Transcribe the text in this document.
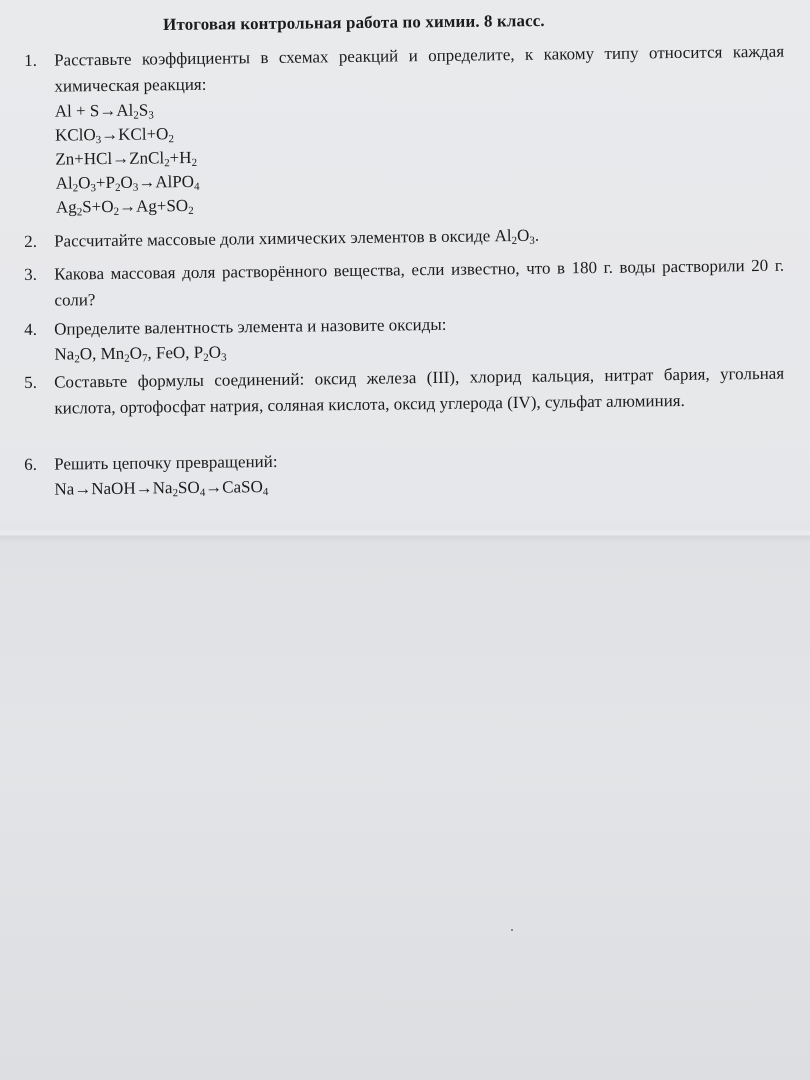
Итоговая контрольная работа по химии. 8 класс.
1.	Расставьте коэффициенты в схемах реакций и определите, к какому типу относится каждая химическая реакция:
$Al + S\to Al_2S_3$
$KClO_3\to KCl+O_2$
$Zn+HCl\to ZnCl_2+H_2$
$Al_2O_3+P_2O_3\to AlPO_4$
$Ag_2S+O_2\to Ag+SO_2$
2.	Рассчитайте массовые доли химических элементов в оксиде $Al_2O_3$.
3.	Какова массовая доля растворённого вещества, если известно, что в 180 г. воды растворили 20 г. соли?
4.	Определите валентность элемента и назовите оксиды:
$Na_2O$, $Mn_2O_7$, FeO, $P_2O_3$
5.	Составьте формулы соединений: оксид железа (III), хлорид кальция, нитрат бария, угольная кислота, ортофосфат натрия, соляная кислота, оксид углерода (IV), сульфат алюминия.
6.	Решить цепочку превращений:
$Na\to NaOH\to Na_2SO_4\to CaSO_4$
